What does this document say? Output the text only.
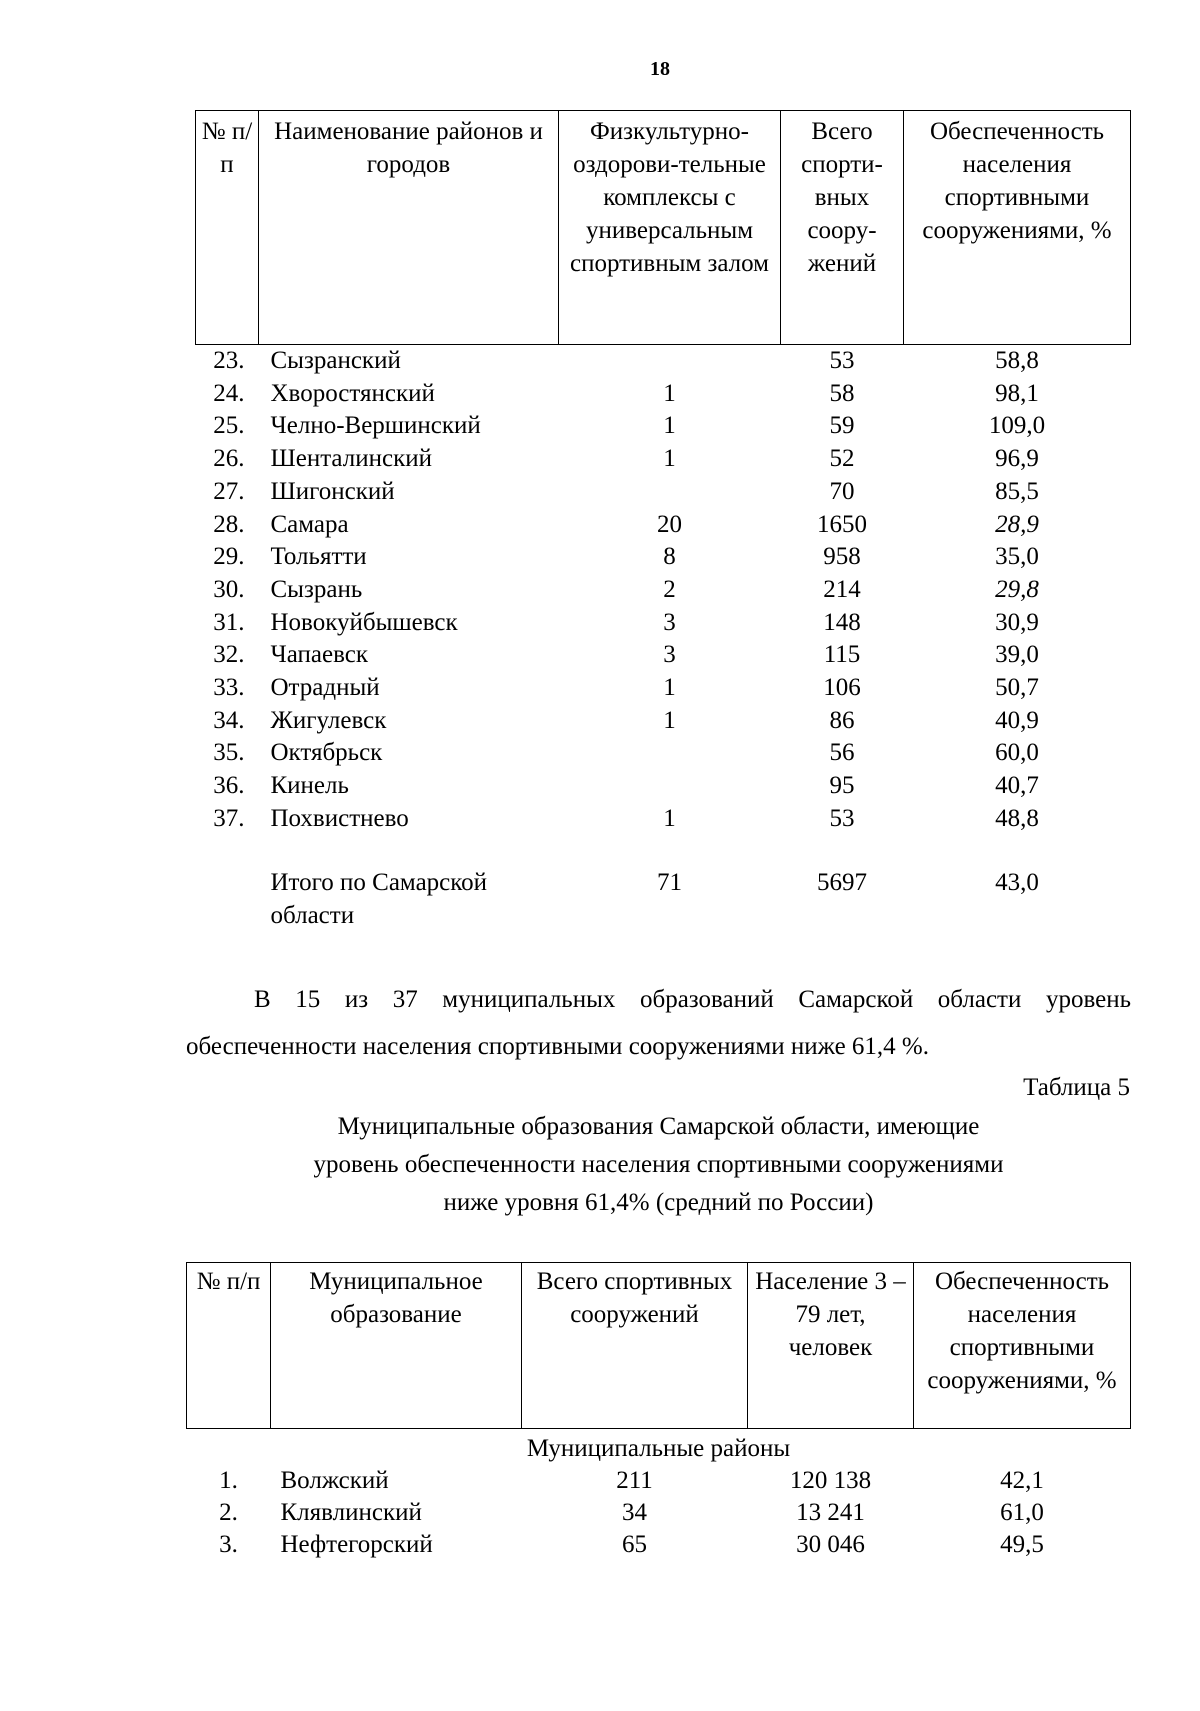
18
№ п/п	Наименование районов и городов	Физкультурно-оздорови-тельные комплексы с универсальным спортивным залом	Всего спорти-вных соору-жений	Обеспеченность населения спортивными сооружениями, %
23.	Сызранский		53	58,8
24.	Хворостянский	1	58	98,1
25.	Челно-Вершинский	1	59	109,0
26.	Шенталинский	1	52	96,9
27.	Шигонский		70	85,5
28.	Самара	20	1650	28,9
29.	Тольятти	8	958	35,0
30.	Сызрань	2	214	29,8
31.	Новокуйбышевск	3	148	30,9
32.	Чапаевск	3	115	39,0
33.	Отрадный	1	106	50,7
34.	Жигулевск	1	86	40,9
35.	Октябрьск		56	60,0
36.	Кинель		95	40,7
37.	Похвистнево	1	53	48,8
	Итого по Самарской области	71	5697	43,0
В 15 из 37 муниципальных образований Самарской области уровень
обеспеченности населения спортивными сооружениями ниже 61,4 %.
Таблица 5
Муниципальные образования Самарской области, имеющие
уровень обеспеченности населения спортивными сооружениями
ниже уровня 61,4% (средний по России)
№ п/п	Муниципальное образование	Всего спортивных сооружений	Население 3 – 79 лет, человек	Обеспеченность населения спортивными сооружениями, %
Муниципальные районы				
1.	Волжский	211	120 138	42,1
2.	Клявлинский	34	13 241	61,0
3.	Нефтегорский	65	30 046	49,5
